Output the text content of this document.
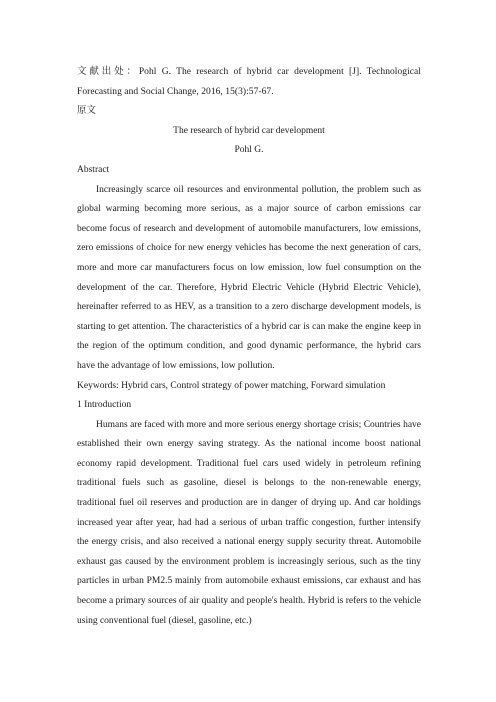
文献出处：Pohl G. The research of hybrid car development [J]. Technological Forecasting and Social Change, 2016, 15(3):57-67.

原文

The research of hybrid car development

Pohl G.

Abstract

Increasingly scarce oil resources and environmental pollution, the problem such as global warming becoming more serious, as a major source of carbon emissions car become focus of research and development of automobile manufacturers, low emissions, zero emissions of choice for new energy vehicles has become the next generation of cars, more and more car manufacturers focus on low emission, low fuel consumption on the development of the car. Therefore, Hybrid Electric Vehicle (Hybrid Electric Vehicle), hereinafter referred to as HEV, as a transition to a zero discharge development models, is starting to get attention. The characteristics of a hybrid car is can make the engine keep in the region of the optimum condition, and good dynamic performance, the hybrid cars have the advantage of low emissions, low pollution.

Keywords: Hybrid cars, Control strategy of power matching, Forward simulation

1 Introduction

Humans are faced with more and more serious energy shortage crisis; Countries have established their own energy saving strategy. As the national income boost national economy rapid development. Traditional fuel cars used widely in petroleum refining traditional fuels such as gasoline, diesel is belongs to the non-renewable energy, traditional fuel oil reserves and production are in danger of drying up. And car holdings increased year after year, had had a serious of urban traffic congestion, further intensify the energy crisis, and also received a national energy supply security threat. Automobile exhaust gas caused by the environment problem is increasingly serious, such as the tiny particles in urban PM2.5 mainly from automobile exhaust emissions, car exhaust and has become a primary sources of air quality and people's health. Hybrid is refers to the vehicle using conventional fuel (diesel, gasoline, etc.)
